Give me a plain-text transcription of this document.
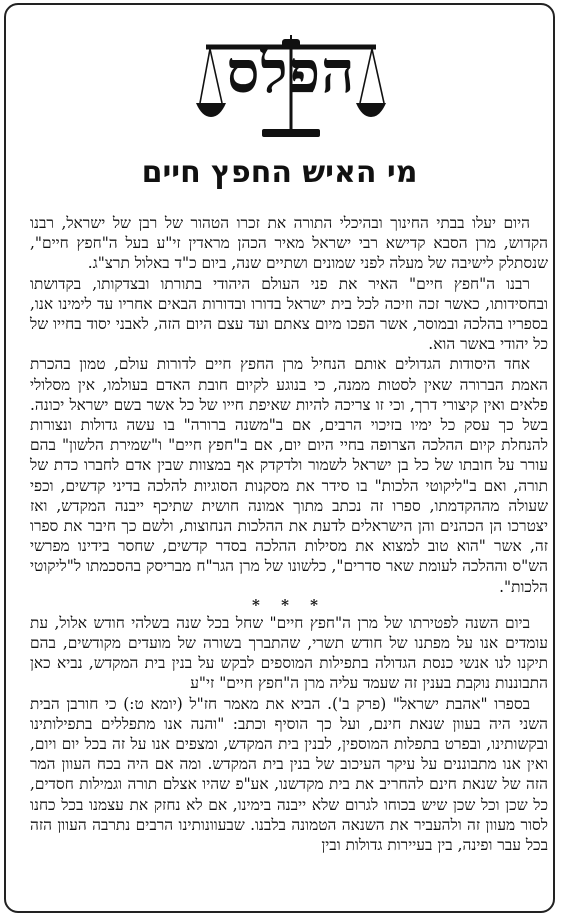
הפלס
מי האיש החפץ חיים

היום יעלו בבתי החינוך ובהיכלי התורה את זכרו הטהור של רבן של ישראל, רבנו הקדוש, מרן הסבא קדישא רבי ישראל מאיר הכהן מראדין זי"ע בעל ה"חפץ חיים", שנסתלק לישיבה של מעלה לפני שמונים ושתיים שנה, ביום כ"ד באלול תרצ"ג.

רבנו ה"חפץ חיים" האיר את פני העולם היהודי בתורתו ובצדקותו, בקדושתו ובחסידותו, כאשר זכה וזיכה לכל בית ישראל בדורו ובדורות הבאים אחריו עד לימינו אנו, בספריו בהלכה ובמוסר, אשר הפכו מיום צאתם ועד עצם היום הזה, לאבני יסוד בחייו של כל יהודי באשר הוא.

אחד היסודות הגדולים אותם הנחיל מרן החפץ חיים לדורות עולם, טמון בהכרת האמת הברורה שאין לסטות ממנה, כי בנוגע לקיום חובת האדם בעולמו, אין מסלולי פלאים ואין קיצורי דרך, וכי זו צריכה להיות שאיפת חייו של כל אשר בשם ישראל יכונה. בשל כך עסק כל ימיו בזיכוי הרבים, אם ב"משנה ברורה" בו עשה גדולות ונצורות להנחלת קיום ההלכה הצרופה בחיי היום יום, אם ב"חפץ חיים" ו"שמירת הלשון" בהם עורר על חובתו של כל בן ישראל לשמור ולדקדק אף במצוות שבין אדם לחברו כדת של תורה, ואם ב"ליקוטי הלכות" בו סידר את מסקנות הסוגיות להלכה בדיני קדשים, וכפי שעולה מההקדמתו, ספרו זה נכתב מתוך אמונה חושית שתיכף ייבנה המקדש, ואז יצטרכו הן הכהנים והן הישראלים לדעת את ההלכות הנחוצות, ולשם כך חיבר את ספרו זה, אשר "הוא טוב למצוא את מסילות ההלכה בסדר קדשים, שחסר בידינו מפרשי הש"ס וההלכה לעומת שאר סדרים", כלשונו של מרן הגר"ח מבריסק בהסכמתו ל"ליקוטי הלכות".

* * *

ביום השנה לפטירתו של מרן ה"חפץ חיים" שחל בכל שנה בשלהי חודש אלול, עת עומדים אנו על מפתנו של חודש תשרי, שהתברך בשורה של מועדים מקודשים, בהם תיקנו לנו אנשי כנסת הגדולה בתפילות המוספים לבקש על בנין בית המקדש, נביא כאן התבוננות נוקבת בענין זה שעמד עליה מרן ה"חפץ חיים" זי"ע

בספרו "אהבת ישראל" (פרק ב'). הביא את מאמר חז"ל (יומא ט:) כי חורבן הבית השני היה בעוון שנאת חינם, ועל כך הוסיף וכתב: "והנה אנו מתפללים בתפילותינו ובקשותינו, ובפרט בתפלות המוספין, לבנין בית המקדש, ומצפים אנו על זה בכל יום ויום, ואין אנו מתבוננים על עיקר העיכוב של בנין בית המקדש. ומה אם היה בכח העוון המר הזה של שנאת חינם להחריב את בית מקדשנו, אע"פ שהיו אצלם תורה וגמילות חסדים, כל שכן וכל שכן שיש בכוחו לגרום שלא ייבנה בימינו, אם לא נחזק את עצמנו בכל כחנו לסור מעוון זה ולהעביר את השנאה הטמונה בלבנו. שבעוונותינו הרבים נתרבה העוון הזה בכל עבר ופינה, בין בעיירות גדולות ובין
